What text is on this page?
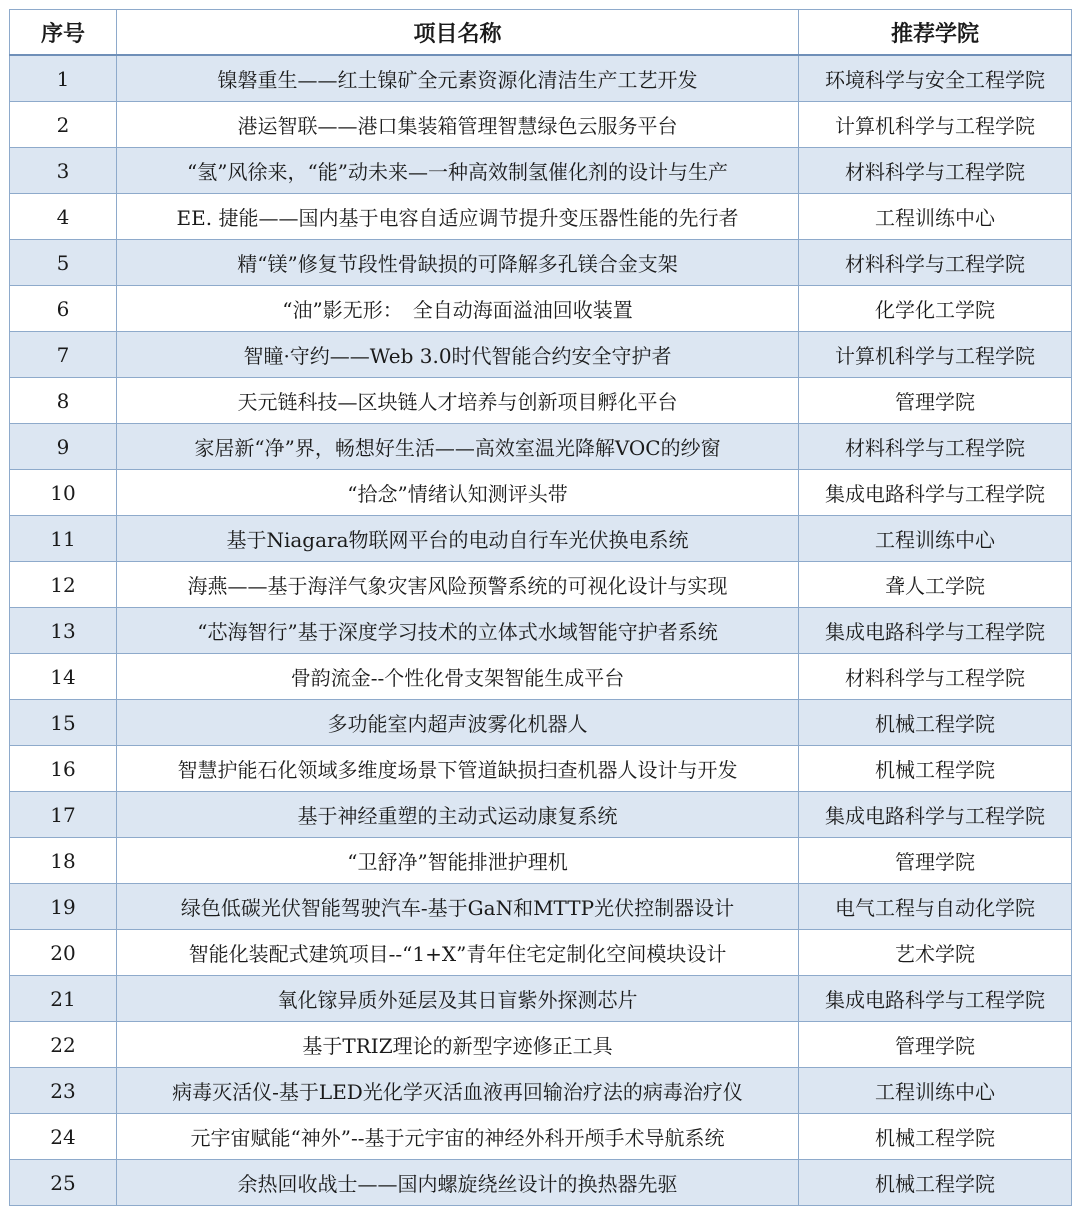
序号	项目名称	推荐学院
1	镍磐重生——红土镍矿全元素资源化清洁生产工艺开发	环境科学与安全工程学院
2	港运智联——港口集装箱管理智慧绿色云服务平台	计算机科学与工程学院
3	“氢”风徐来，“能”动未来—一种高效制氢催化剂的设计与生产	材料科学与工程学院
4	EE. 捷能——国内基于电容自适应调节提升变压器性能的先行者	工程训练中心
5	精“镁”修复节段性骨缺损的可降解多孔镁合金支架	材料科学与工程学院
6	“油”影无形：　全自动海面溢油回收装置	化学化工学院
7	智瞳·守约——Web 3.0时代智能合约安全守护者	计算机科学与工程学院
8	天元链科技—区块链人才培养与创新项目孵化平台	管理学院
9	家居新“净”界，畅想好生活——高效室温光降解VOC的纱窗	材料科学与工程学院
10	“拾念”情绪认知测评头带	集成电路科学与工程学院
11	基于Niagara物联网平台的电动自行车光伏换电系统	工程训练中心
12	海燕——基于海洋气象灾害风险预警系统的可视化设计与实现	聋人工学院
13	“芯海智行”基于深度学习技术的立体式水域智能守护者系统	集成电路科学与工程学院
14	骨韵流金--个性化骨支架智能生成平台	材料科学与工程学院
15	多功能室内超声波雾化机器人	机械工程学院
16	智慧护能石化领域多维度场景下管道缺损扫查机器人设计与开发	机械工程学院
17	基于神经重塑的主动式运动康复系统	集成电路科学与工程学院
18	“卫舒净”智能排泄护理机	管理学院
19	绿色低碳光伏智能驾驶汽车-基于GaN和MTTP光伏控制器设计	电气工程与自动化学院
20	智能化装配式建筑项目--“1+X”青年住宅定制化空间模块设计	艺术学院
21	氧化镓异质外延层及其日盲紫外探测芯片	集成电路科学与工程学院
22	基于TRIZ理论的新型字迹修正工具	管理学院
23	病毒灭活仪-基于LED光化学灭活血液再回输治疗法的病毒治疗仪	工程训练中心
24	元宇宙赋能“神外”--基于元宇宙的神经外科开颅手术导航系统	机械工程学院
25	余热回收战士——国内螺旋绕丝设计的换热器先驱	机械工程学院
